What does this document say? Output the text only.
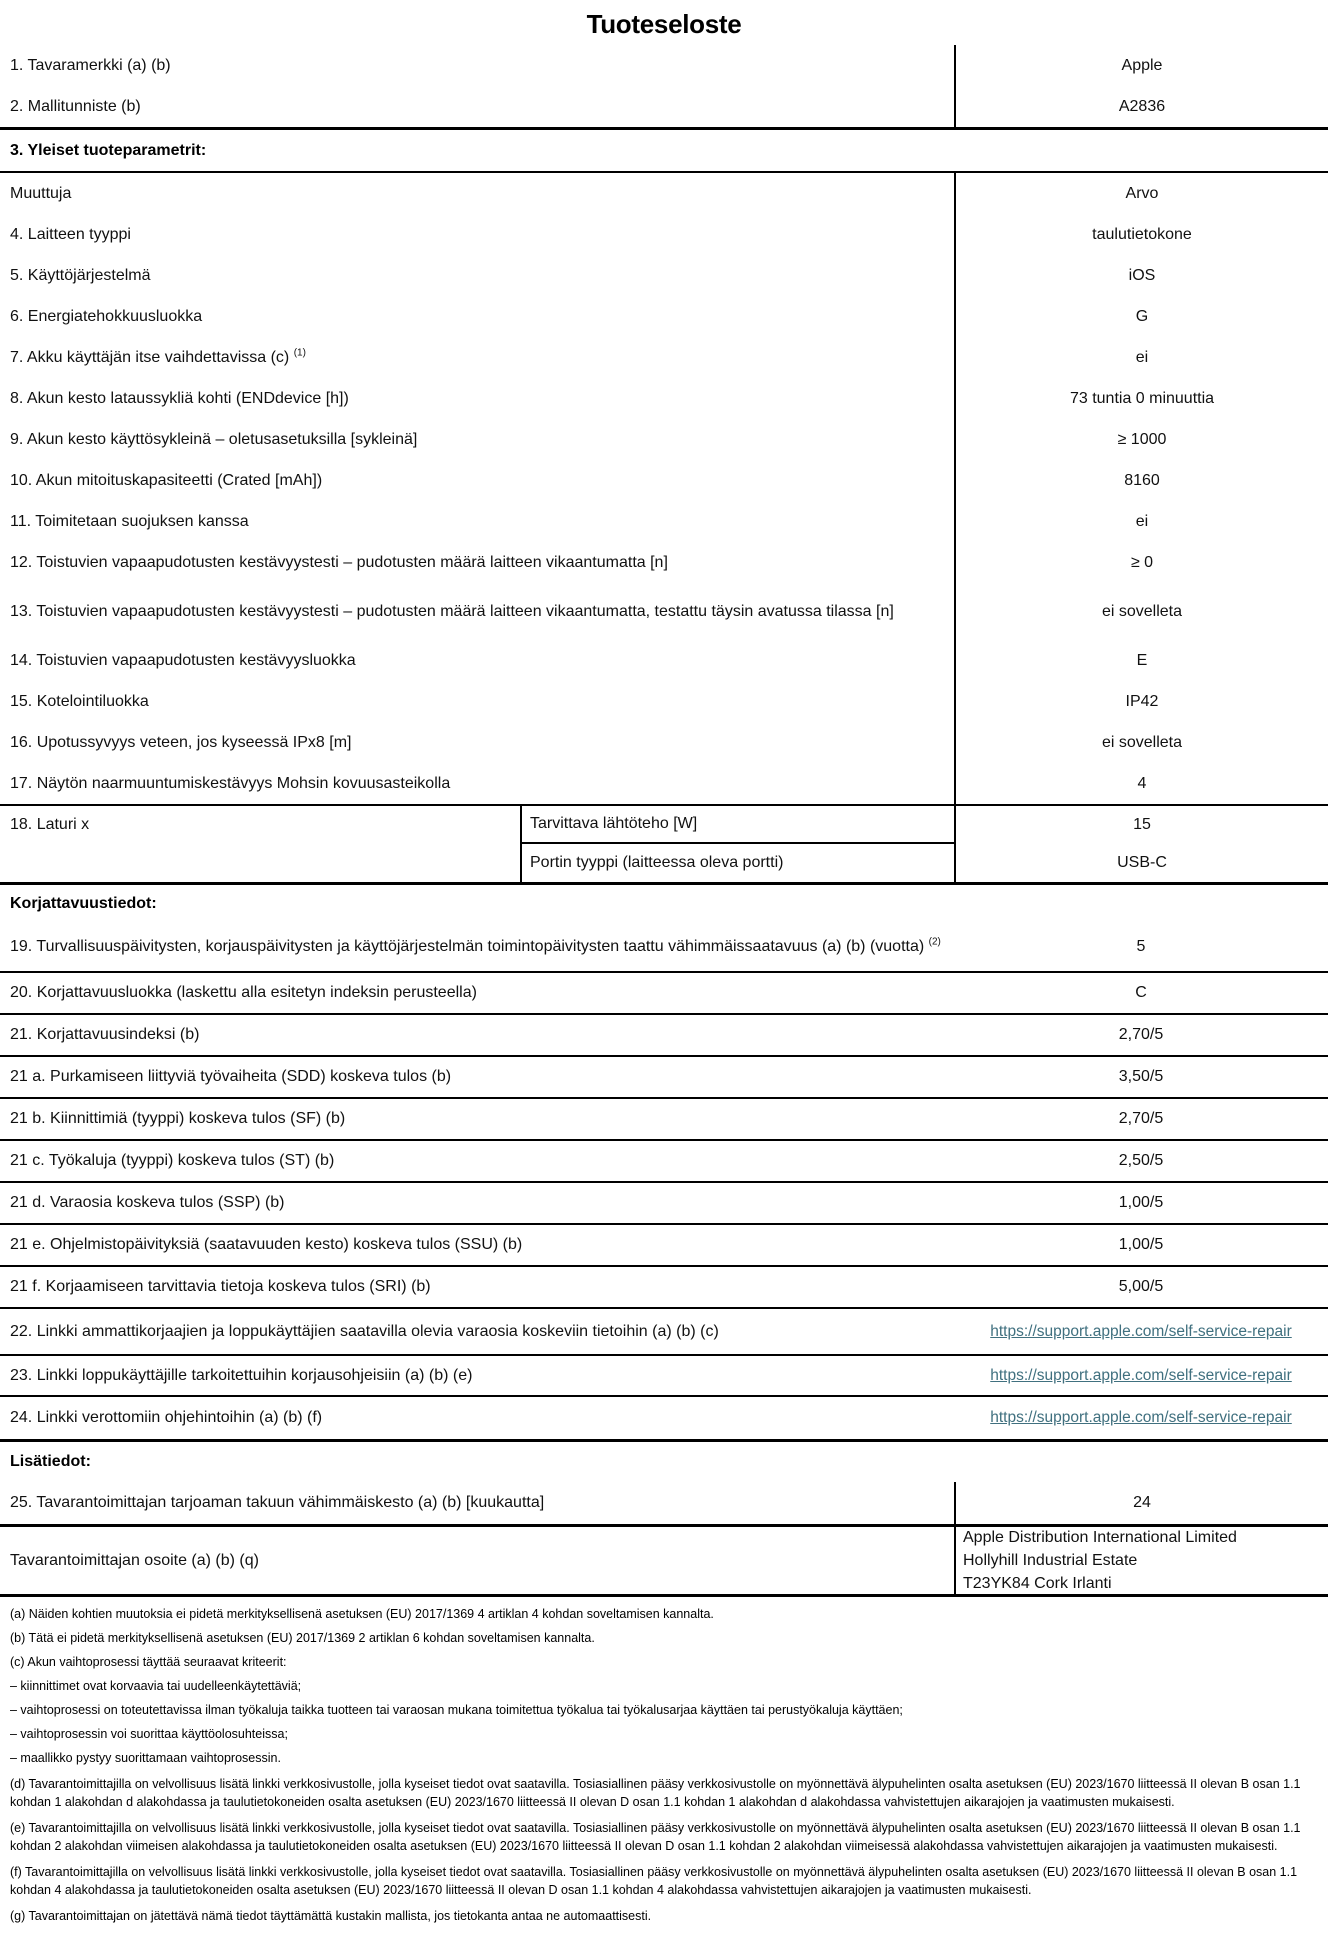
Tuoteseloste
1. Tavaramerkki (a) (b)	Apple
2. Mallitunniste (b)	A2836
3. Yleiset tuoteparametrit:
Muuttuja	Arvo
4. Laitteen tyyppi	taulutietokone
5. Käyttöjärjestelmä	iOS
6. Energiatehokkuusluokka	G
7. Akku käyttäjän itse vaihdettavissa (c) $^{(1)}$	ei
8. Akun kesto lataussykliä kohti (ENDdevice [h])	73 tuntia 0 minuuttia
9. Akun kesto käyttösykleinä – oletusasetuksilla [sykleinä]	≥ 1000
10. Akun mitoituskapasiteetti (Crated [mAh])	8160
11. Toimitetaan suojuksen kanssa	ei
12. Toistuvien vapaapudotusten kestävyystesti – pudotusten määrä laitteen vikaantumatta [n]	≥ 0
13. Toistuvien vapaapudotusten kestävyystesti – pudotusten määrä laitteen vikaantumatta, testattu täysin avatussa tilassa [n]	ei sovelleta
14. Toistuvien vapaapudotusten kestävyysluokka	E
15. Kotelointiluokka	IP42
16. Upotussyvyys veteen, jos kyseessä IPx8 [m]	ei sovelleta
17. Näytön naarmuuntumiskestävyys Mohsin kovuusasteikolla	4
18. Laturi x	Tarvittava lähtöteho [W]	15
Portin tyyppi (laitteessa oleva portti)	USB-C
Korjattavuustiedot:
19. Turvallisuuspäivitysten, korjauspäivitysten ja käyttöjärjestelmän toimintopäivitysten taattu vähimmäissaatavuus (a) (b) (vuotta) $^{(2)}$	5
20. Korjattavuusluokka (laskettu alla esitetyn indeksin perusteella)	C
21. Korjattavuusindeksi (b)	2,70/5
21 a. Purkamiseen liittyviä työvaiheita (SDD) koskeva tulos (b)	3,50/5
21 b. Kiinnittimiä (tyyppi) koskeva tulos (SF) (b)	2,70/5
21 c. Työkaluja (tyyppi) koskeva tulos (ST) (b)	2,50/5
21 d. Varaosia koskeva tulos (SSP) (b)	1,00/5
21 e. Ohjelmistopäivityksiä (saatavuuden kesto) koskeva tulos (SSU) (b)	1,00/5
21 f. Korjaamiseen tarvittavia tietoja koskeva tulos (SRI) (b)	5,00/5
22. Linkki ammattikorjaajien ja loppukäyttäjien saatavilla olevia varaosia koskeviin tietoihin (a) (b) (c)	https://support.apple.com/self-service-repair
23. Linkki loppukäyttäjille tarkoitettuihin korjausohjeisiin (a) (b) (e)	https://support.apple.com/self-service-repair
24. Linkki verottomiin ohjehintoihin (a) (b) (f)	https://support.apple.com/self-service-repair
Lisätiedot:
25. Tavarantoimittajan tarjoaman takuun vähimmäiskesto (a) (b) [kuukautta]	24
Tavarantoimittajan osoite (a) (b) (q)
Apple Distribution International Limited
Hollyhill Industrial Estate
T23YK84 Cork Irlanti

(a) Näiden kohtien muutoksia ei pidetä merkityksellisenä asetuksen (EU) 2017/1369 4 artiklan 4 kohdan soveltamisen kannalta.

(b) Tätä ei pidetä merkityksellisenä asetuksen (EU) 2017/1369 2 artiklan 6 kohdan soveltamisen kannalta.

(c) Akun vaihtoprosessi täyttää seuraavat kriteerit:

– kiinnittimet ovat korvaavia tai uudelleenkäytettäviä;

– vaihtoprosessi on toteutettavissa ilman työkaluja taikka tuotteen tai varaosan mukana toimitettua työkalua tai työkalusarjaa käyttäen tai perustyökaluja käyttäen;

– vaihtoprosessin voi suorittaa käyttöolosuhteissa;

– maallikko pystyy suorittamaan vaihtoprosessin.

(d) Tavarantoimittajilla on velvollisuus lisätä linkki verkkosivustolle, jolla kyseiset tiedot ovat saatavilla. Tosiasiallinen pääsy verkkosivustolle on myönnettävä älypuhelinten osalta asetuksen (EU) 2023/1670 liitteessä II olevan B osan 1.1 kohdan 1 alakohdan d alakohdassa ja taulutietokoneiden osalta asetuksen (EU) 2023/1670 liitteessä II olevan D osan 1.1 kohdan 1 alakohdan d alakohdassa vahvistettujen aikarajojen ja vaatimusten mukaisesti.

(e) Tavarantoimittajilla on velvollisuus lisätä linkki verkkosivustolle, jolla kyseiset tiedot ovat saatavilla. Tosiasiallinen pääsy verkkosivustolle on myönnettävä älypuhelinten osalta asetuksen (EU) 2023/1670 liitteessä II olevan B osan 1.1 kohdan 2 alakohdan viimeisen alakohdassa ja taulutietokoneiden osalta asetuksen (EU) 2023/1670 liitteessä II olevan D osan 1.1 kohdan 2 alakohdan viimeisessä alakohdassa vahvistettujen aikarajojen ja vaatimusten mukaisesti.

(f) Tavarantoimittajilla on velvollisuus lisätä linkki verkkosivustolle, jolla kyseiset tiedot ovat saatavilla. Tosiasiallinen pääsy verkkosivustolle on myönnettävä älypuhelinten osalta asetuksen (EU) 2023/1670 liitteessä II olevan B osan 1.1 kohdan 4 alakohdassa ja taulutietokoneiden osalta asetuksen (EU) 2023/1670 liitteessä II olevan D osan 1.1 kohdan 4 alakohdassa vahvistettujen aikarajojen ja vaatimusten mukaisesti.

(g) Tavarantoimittajan on jätettävä nämä tiedot täyttämättä kustakin mallista, jos tietokanta antaa ne automaattisesti.
